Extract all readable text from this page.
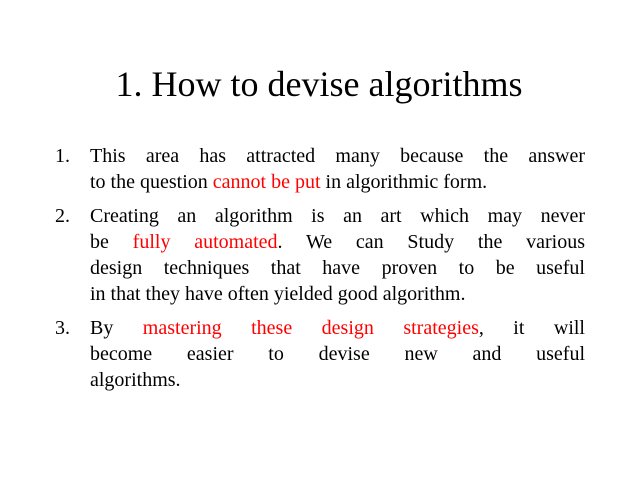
1. How to devise algorithms
1. This area has attracted many because the answer
to the question cannot be put in algorithmic form.
2. Creating an algorithm is an art which may never
be fully automated. We can Study the various
design techniques that have proven to be useful
in that they have often yielded good algorithm.
3. By mastering these design strategies, it will
become easier to devise new and useful
algorithms.
